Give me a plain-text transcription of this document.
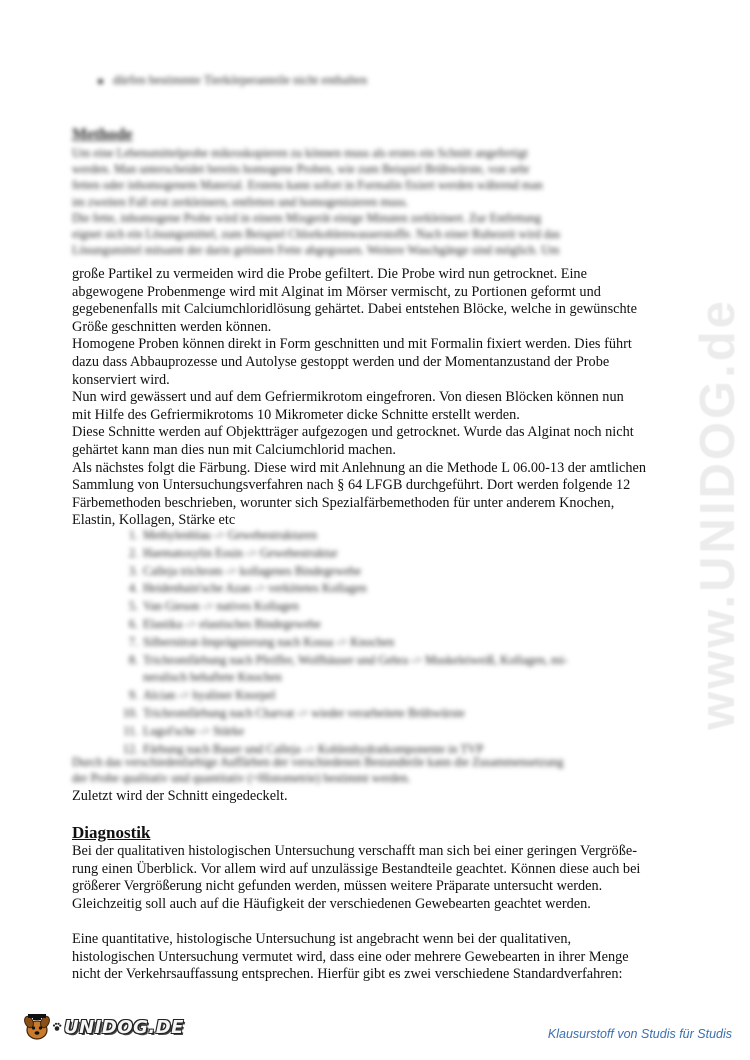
dürfen bestimmte Tierkörperanteile nicht enthalten
Methode

Um eine Lebensmittelprobe mikroskopieren zu können muss als erstes ein Schnitt angefertigt

werden. Man unterscheidet bereits homogene Proben, wie zum Beispiel Brühwürste, von sehr

fetten oder inhomogenem Material. Erstens kann sofort in Formalin fixiert werden während man

im zweiten Fall erst zerkleinern, entfetten und homogenisieren muss.

Die fette, inhomogene Probe wird in einem Mixgerät einige Minuten zerkleinert. Zur Entfettung

eignet sich ein Lösungsmittel, zum Beispiel Chlorkohlenwasserstoffe. Nach einer Ruhezeit wird das

Lösungsmittel mitsamt der darin gelösten Fette abgegossen. Weitere Waschgänge sind möglich. Um

große Partikel zu vermeiden wird die Probe gefiltert. Die Probe wird nun getrocknet. Eine

abgewogene Probenmenge wird mit Alginat im Mörser vermischt, zu Portionen geformt und

gegebenenfalls mit Calciumchloridlösung gehärtet. Dabei entstehen Blöcke, welche in gewünschte

Größe geschnitten werden können.

Homogene Proben können direkt in Form geschnitten und mit Formalin fixiert werden. Dies führt

dazu dass Abbauprozesse und Autolyse gestoppt werden und der Momentanzustand der Probe

konserviert wird.

Nun wird gewässert und auf dem Gefriermikrotom eingefroren. Von diesen Blöcken können nun

mit Hilfe des Gefriermikrotoms 10 Mikrometer dicke Schnitte erstellt werden.

Diese Schnitte werden auf Objektträger aufgezogen und getrocknet. Wurde das Alginat noch nicht

gehärtet kann man dies nun mit Calciumchlorid machen.

Als nächstes folgt die Färbung. Diese wird mit Anlehnung an die Methode L 06.00-13 der amtlichen

Sammlung von Untersuchungsverfahren nach § 64 LFGB durchgeführt. Dort werden folgende 12

Färbemethoden beschrieben, worunter sich Spezialfärbemethoden für unter anderem Knochen,

Elastin, Kollagen, Stärke etc

1. Methylenblau -> Gewebestrukturen
2. Haematoxylin Eosin -> Gewebestruktur
3. Calleja trichrom -> kollagenes Bindegewebe
4. Heidenhain'sche Azan -> verkittetes Kollagen
5. Van Gieson -> natives Kollagen
6. Elastika -> elastisches Bindegewebe
7. Silbernitrat-Imprägnierung nach Kossa -> Knochen
8. Trichromfärbung nach Pfeiffer, Wolfhäuser und Gehra -> Muskeleiweiß, Kollagen, mi-
neralisch behaftete Knochen
9. Alcian -> hyaliner Knorpel
10. Trichromfärbung nach Charvat -> wieder verarbeitete Brühwürste
11. Lugol'sche -> Stärke
12. Färbung nach Bauer und Calleja -> Kohlenhydratkomponente in TVP

Durch das verschiedenfarbige Auffärben der verschiedenen Bestandteile kann die Zusammensetzung

der Probe qualitativ und quantitativ (=Histometrie) bestimmt werden.

Zuletzt wird der Schnitt eingedeckelt.

Diagnostik

Bei der qualitativen histologischen Untersuchung verschafft man sich bei einer geringen Vergröße-

rung einen Überblick. Vor allem wird auf unzulässige Bestandteile geachtet. Können diese auch bei

größerer Vergrößerung nicht gefunden werden, müssen weitere Präparate untersucht werden.

Gleichzeitig soll auch auf die Häufigkeit der verschiedenen Gewebearten geachtet werden.

Eine quantitative, histologische Untersuchung ist angebracht wenn bei der qualitativen,

histologischen Untersuchung vermutet wird, dass eine oder mehrere Gewebearten in ihrer Menge

nicht der Verkehrsauffassung entsprechen. Hierfür gibt es zwei verschiedene Standardverfahren:

www.UNIDOG.de
UNIDOG.DE	Klausurstoff von Studis für Studis
